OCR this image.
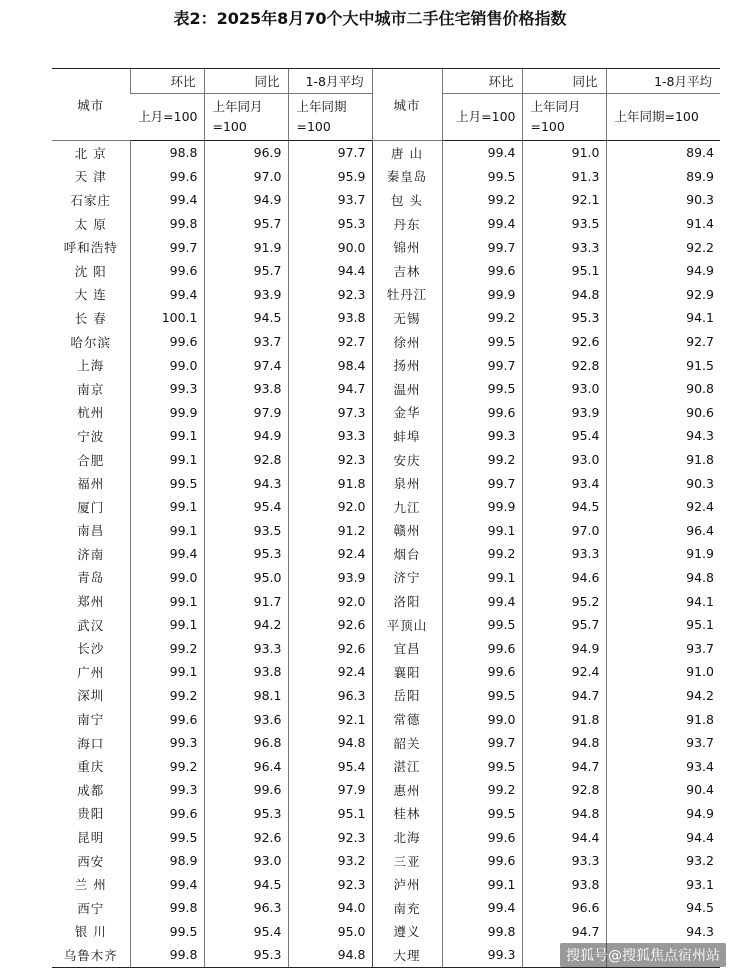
表2：2025年8月70个大中城市二手住宅销售价格指数
城市	环比	同比	1-8月平均	城市	环比	同比	1-8月平均
	上月=100	上年同月=100	上年同期=100		上月=100	上年同月=100	上年同期=100
北 京	98.8	96.9	97.7	唐 山	99.4	91.0	89.4
天 津	99.6	97.0	95.9	秦皇岛	99.5	91.3	89.9
石家庄	99.4	94.9	93.7	包 头	99.2	92.1	90.3
太 原	99.8	95.7	95.3	丹东	99.4	93.5	91.4
呼和浩特	99.7	91.9	90.0	锦州	99.7	93.3	92.2
沈 阳	99.6	95.7	94.4	吉林	99.6	95.1	94.9
大 连	99.4	93.9	92.3	牡丹江	99.9	94.8	92.9
长 春	100.1	94.5	93.8	无锡	99.2	95.3	94.1
哈尔滨	99.6	93.7	92.7	徐州	99.5	92.6	92.7
上海	99.0	97.4	98.4	扬州	99.7	92.8	91.5
南京	99.3	93.8	94.7	温州	99.5	93.0	90.8
杭州	99.9	97.9	97.3	金华	99.6	93.9	90.6
宁波	99.1	94.9	93.3	蚌埠	99.3	95.4	94.3
合肥	99.1	92.8	92.3	安庆	99.2	93.0	91.8
福州	99.5	94.3	91.8	泉州	99.7	93.4	90.3
厦门	99.1	95.4	92.0	九江	99.9	94.5	92.4
南昌	99.1	93.5	91.2	赣州	99.1	97.0	96.4
济南	99.4	95.3	92.4	烟台	99.2	93.3	91.9
青岛	99.0	95.0	93.9	济宁	99.1	94.6	94.8
郑州	99.1	91.7	92.0	洛阳	99.4	95.2	94.1
武汉	99.1	94.2	92.6	平顶山	99.5	95.7	95.1
长沙	99.2	93.3	92.6	宜昌	99.6	94.9	93.7
广州	99.1	93.8	92.4	襄阳	99.6	92.4	91.0
深圳	99.2	98.1	96.3	岳阳	99.5	94.7	94.2
南宁	99.6	93.6	92.1	常德	99.0	91.8	91.8
海口	99.3	96.8	94.8	韶关	99.7	94.8	93.7
重庆	99.2	96.4	95.4	湛江	99.5	94.7	93.4
成都	99.3	99.6	97.9	惠州	99.2	92.8	90.4
贵阳	99.6	95.3	95.1	桂林	99.5	94.8	94.9
昆明	99.5	92.6	92.3	北海	99.6	94.4	94.4
西安	98.9	93.0	93.2	三亚	99.6	93.3	93.2
兰 州	99.4	94.5	92.3	泸州	99.1	93.8	93.1
西宁	99.8	96.3	94.0	南充	99.4	96.6	94.5
银 川	99.5	95.4	95.0	遵义	99.8	94.7	94.3
乌鲁木齐	99.8	95.3	94.8	大理	99.3			搜狐号@搜狐焦点宿州站
